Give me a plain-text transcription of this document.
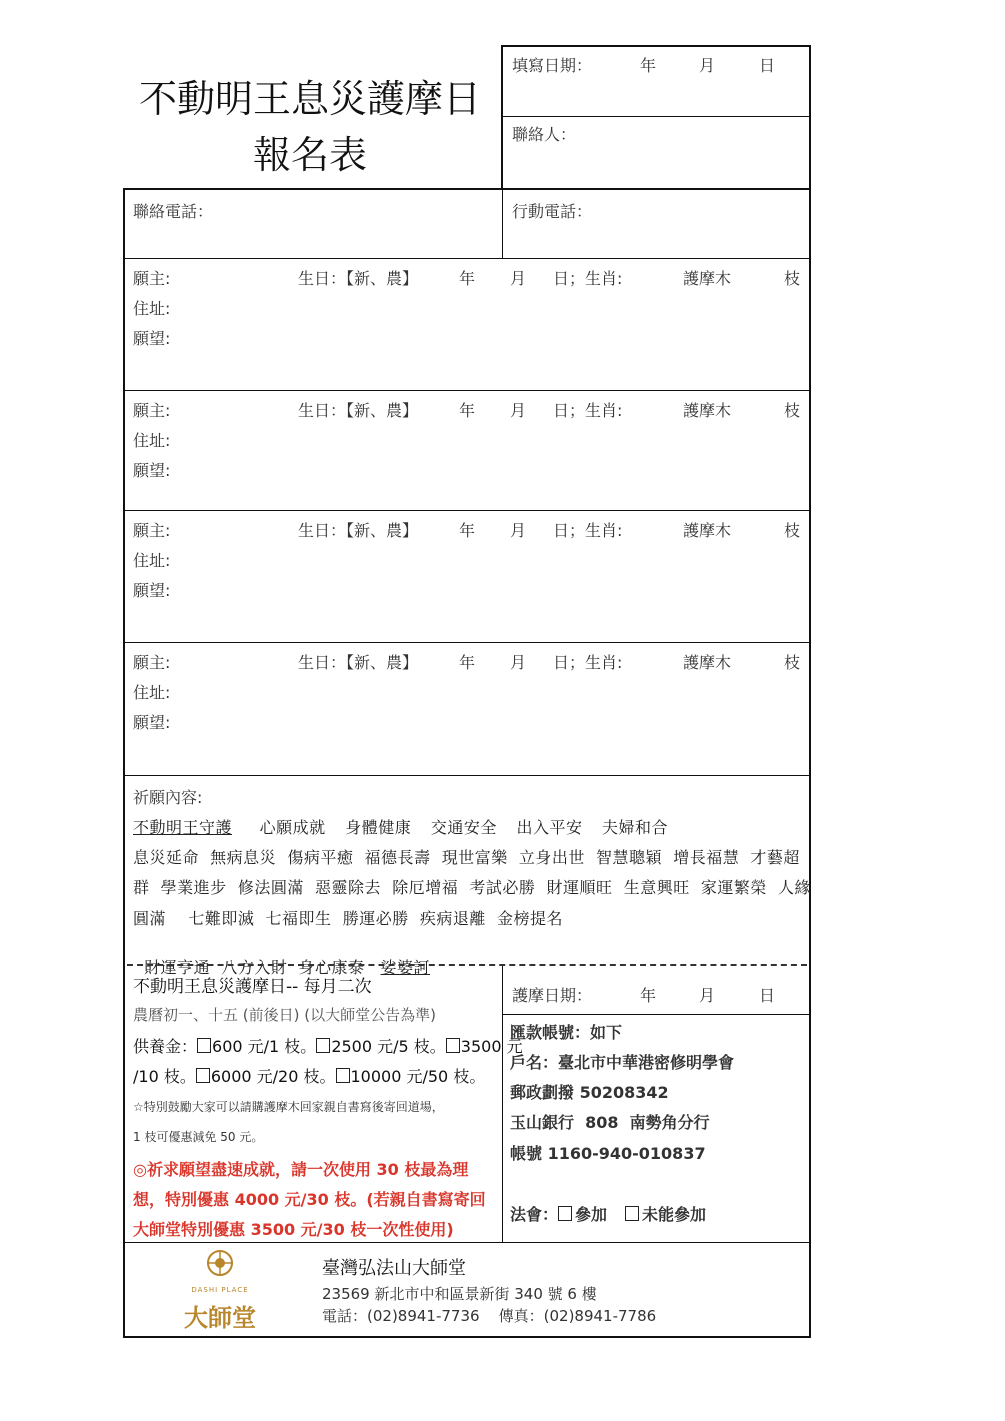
不動明王息災護摩日
報名表
填寫日期：	年	月	日
聯絡人：
聯絡電話：	行動電話：
願主:	生日：【新、農】	年 月 日；生肖:	護摩木	枝
住址:
願望:
願主:	生日：【新、農】	年 月 日；生肖:	護摩木	枝
住址:
願望:
願主:	生日：【新、農】	年 月 日；生肖:	護摩木	枝
住址:
願望:
願主:	生日：【新、農】	年 月 日；生肖:	護摩木	枝
住址:
願望:
祈願內容:
不動明王守護 心願成就 身體健康 交通安全 出入平安 夫婦和合
息災延命  無病息災  傷病平癒  福德長壽  現世富樂  立身出世  智慧聰穎  增長福慧  才藝超
群  學業進步  修法圓滿  惡靈除去  除厄增福  考試必勝  財運順旺  生意興旺  家運繁榮  人緣
圓滿    七難即滅  七福即生  勝運必勝  疾病退離  金榜提名

財運亨通  八方入財  身心康泰 娑婆訶

不動明王息災護摩日-- 每月二次
農曆初一、十五 (前後日) (以大師堂公告為準)
供養金： 600 元/1 枝。 2500 元/5 枝。 3500 元
/10 枝。 6000 元/20 枝。 10000 元/50 枝。
☆特別鼓勵大家可以請購護摩木回家親自書寫後寄回道場，
1 枝可優惠減免 50 元。
◎祈求願望盡速成就，請一次使用 30 枝最為理
想，特別優惠 4000 元/30 枝。(若親自書寫寄回
大師堂特別優惠 3500 元/30 枝一次性使用)
護摩日期：	年	月	日
匯款帳號：如下
戶名：臺北市中華港密修明學會
郵政劃撥 50208342
玉山銀行  808  南勢角分行
帳號 1160-940-010837
法會： 參加 未能參加
DASHI PLACE
大師堂
臺灣弘法山大師堂
23569 新北市中和區景新街 340 號 6 樓
電話：(02)8941-7736    傳真：(02)8941-7786
